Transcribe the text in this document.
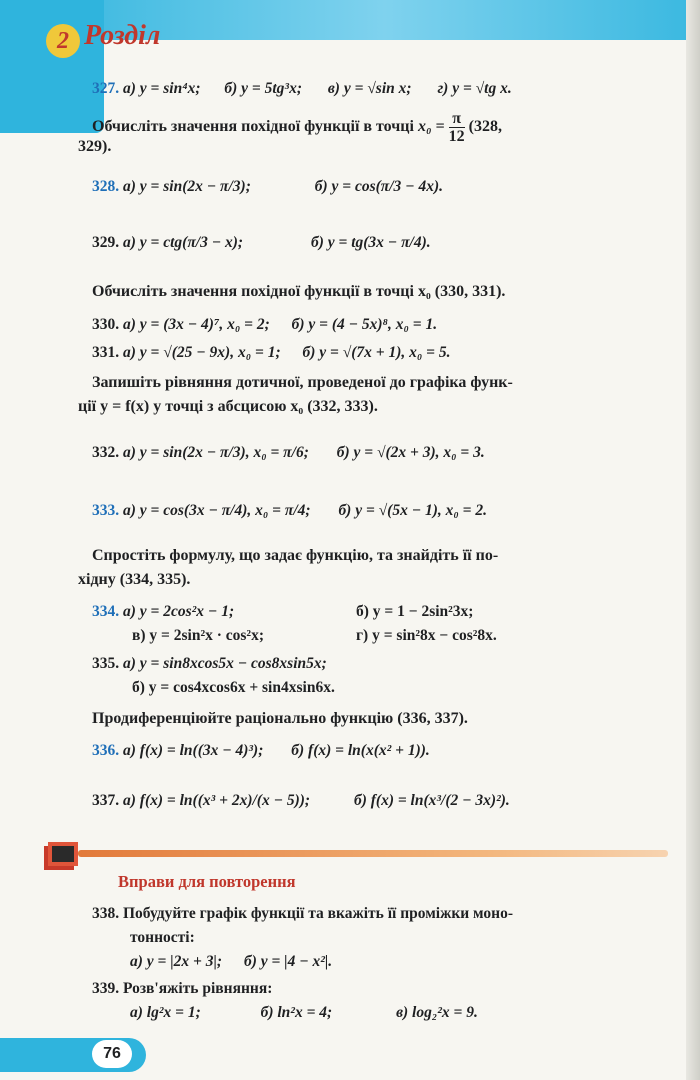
2 Розділ
327. а) y = sin⁴x; б) y = 5tg³x; в) y = √sin x; г) y = √tg x.
Обчисліть значення похідної функції в точці $x_0 = \frac{\pi}{12} (328$,
329).
328. а) y = sin(2x − π/3);	б) y = cos(π/3 − 4x).
329. а) y = ctg(π/3 − x);	б) y = tg(3x − π/4).
Обчисліть значення похідної функції в точці x₀ (330, 331).
330. а) y = (3x − 4)⁷, x₀ = 2; б) y = (4 − 5x)⁸, x₀ = 1.
331. а) y = √(25 − 9x), x₀ = 1; б) y = √(7x + 1), x₀ = 5.
Запишіть рівняння дотичної, проведеної до графіка функ-
ції y = f(x) у точці з абсцисою x₀ (332, 333).
332. а) y = sin(2x − π/3), x₀ = π/6; б) y = √(2x + 3), x₀ = 3.
333. а) y = cos(3x − π/4), x₀ = π/4; б) y = √(5x − 1), x₀ = 2.
Спростіть формулу, що задає функцію, та знайдіть її по-
хідну (334, 335).
334. а) y = 2cos²x − 1;	б) y = 1 − 2sin²3x;
в) y = 2sin²x · cos²x;	г) y = sin²8x − cos²8x.
335. а) y = sin8xcos5x − cos8xsin5x;
б) y = cos4xcos6x + sin4xsin6x.
Продиференціюйте раціонально функцію (336, 337).
336. а) f(x) = ln((3x − 4)³); б) f(x) = ln(x(x² + 1)).
337. а) f(x) = ln((x³ + 2x)/(x − 5));	б) f(x) = ln(x³/(2 − 3x)²).
Вправи для повторення
338. Побудуйте графік функції та вкажіть її проміжки моно-
тонності:
а) y = |2x + 3|; б) y = |4 − x²|.
339. Розв'яжіть рівняння:
а) lg²x = 1;	б) ln²x = 4;	в) log₂²x = 9.
76
